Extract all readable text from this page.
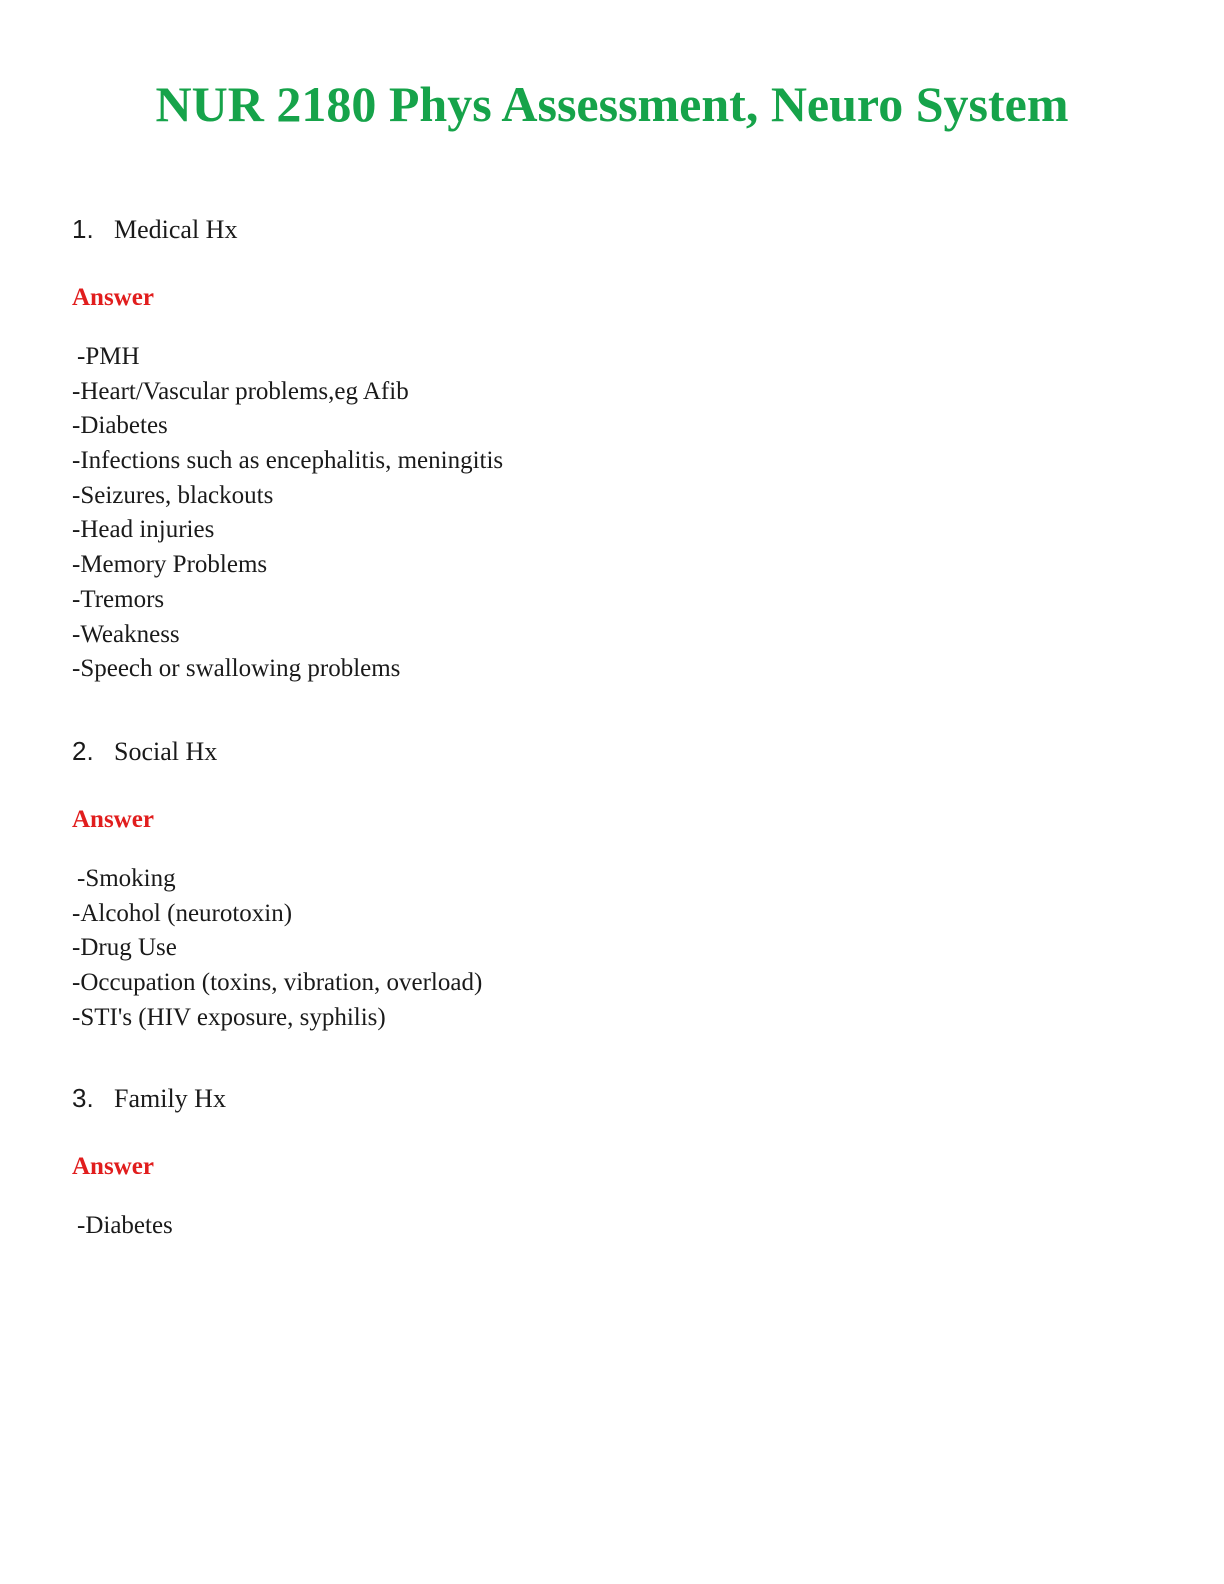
NUR 2180 Phys Assessment, Neuro System
1. Medical Hx
Answer
-PMH
-Heart/Vascular problems,eg Afib
-Diabetes
-Infections such as encephalitis, meningitis
-Seizures, blackouts
-Head injuries
-Memory Problems
-Tremors
-Weakness
-Speech or swallowing problems
2. Social Hx
Answer
-Smoking
-Alcohol (neurotoxin)
-Drug Use
-Occupation (toxins, vibration, overload)
-STI's (HIV exposure, syphilis)
3. Family Hx
Answer
-Diabetes
